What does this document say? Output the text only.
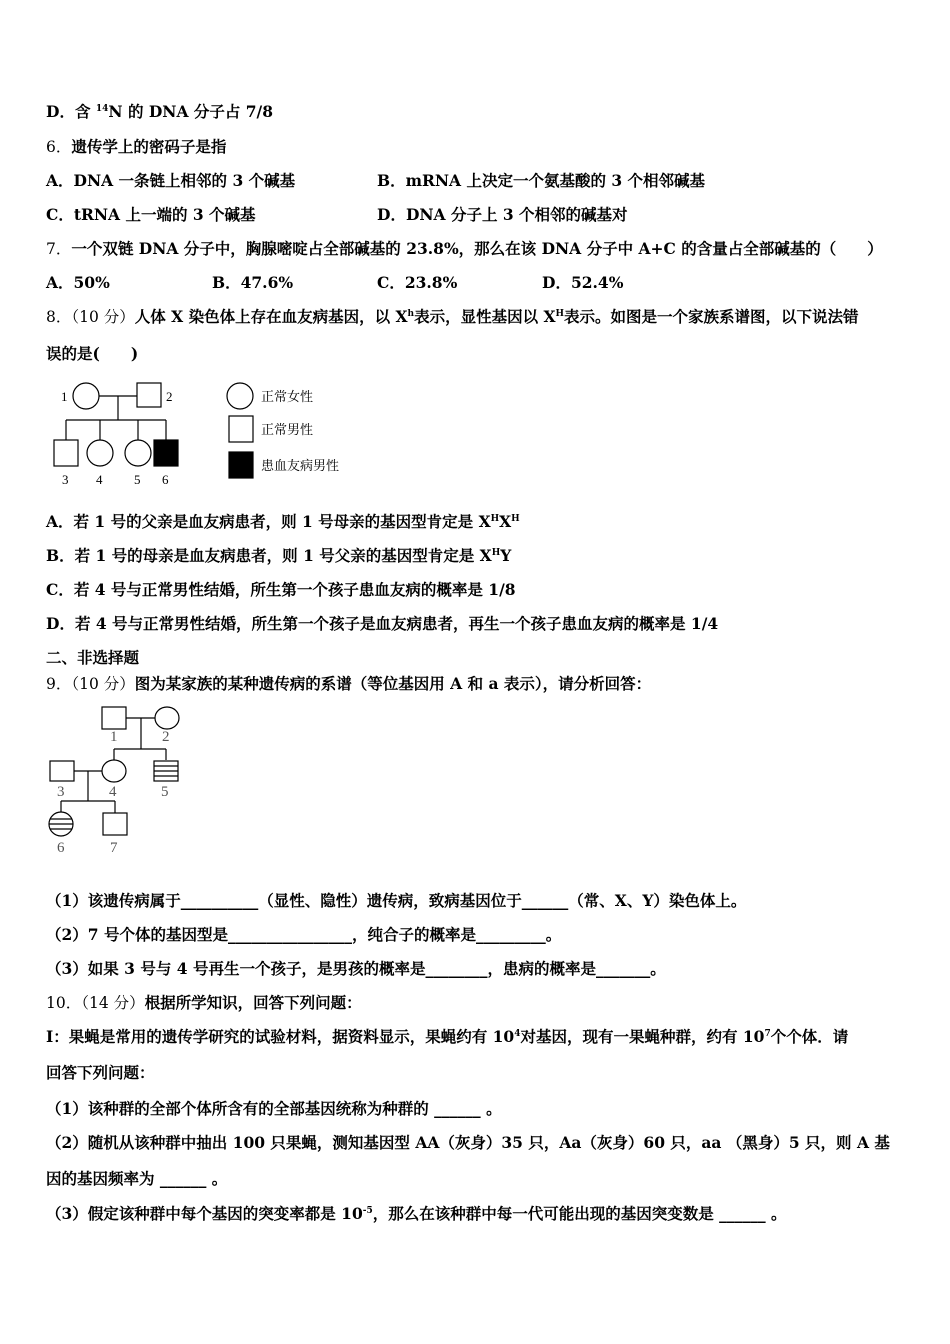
D．含 $^{14}$N 的 DNA 分子占 7/8
6．遗传学上的密码子是指
A．DNA 一条链上相邻的 3 个碱基	B．mRNA 上决定一个氨基酸的 3 个相邻碱基
C．tRNA 上一端的 3 个碱基	D．DNA 分子上 3 个相邻的碱基对
7．一个双链 DNA 分子中，胸腺嘧啶占全部碱基的 23.8%，那么在该 DNA 分子中 A+C 的含量占全部碱基的（　　）
A．50%	B．47.6%	C．23.8%	D．52.4%
8．（10 分）人体 X 染色体上存在血友病基因，以 $X^h$表示，显性基因以 $X^H$表示。如图是一个家族系谱图，以下说法错
误的是(　　)
1	2
3 4 5 6
正常女性
正常男性
患血友病男性
A．若 1 号的父亲是血友病患者，则 1 号母亲的基因型肯定是 $X^HX^H$
B．若 1 号的母亲是血友病患者，则 1 号父亲的基因型肯定是 $X^HY$
C．若 4 号与正常男性结婚，所生第一个孩子患血友病的概率是 1/8
D．若 4 号与正常男性结婚，所生第一个孩子是血友病患者，再生一个孩子患血友病的概率是 1/4
二、非选择题
9．（10 分）图为某家族的某种遗传病的系谱（等位基因用 A 和 a 表示），请分析回答：
1	2
3	4	5
6	7
（1）该遗传病属于__________（显性、隐性）遗传病，致病基因位于______（常、X、Y）染色体上。
（2）7 号个体的基因型是________________，纯合子的概率是_________。
（3）如果 3 号与 4 号再生一个孩子，是男孩的概率是________，患病的概率是_______。
10．（14 分）根据所学知识，回答下列问题：
I：果蝇是常用的遗传学研究的试验材料，据资料显示，果蝇约有 $10^4$对基因，现有一果蝇种群，约有 $10^7$个个体．请
回答下列问题：
（1）该种群的全部个体所含有的全部基因统称为种群的 ______ 。
（2）随机从该种群中抽出 100 只果蝇，测知基因型 AA（灰身）35 只，Aa（灰身）60 只，aa （黑身）5 只，则 A 基
因的基因频率为 ______ 。
（3）假定该种群中每个基因的突变率都是 $10^{-5}$，那么在该种群中每一代可能出现的基因突变数是 ______ 。
